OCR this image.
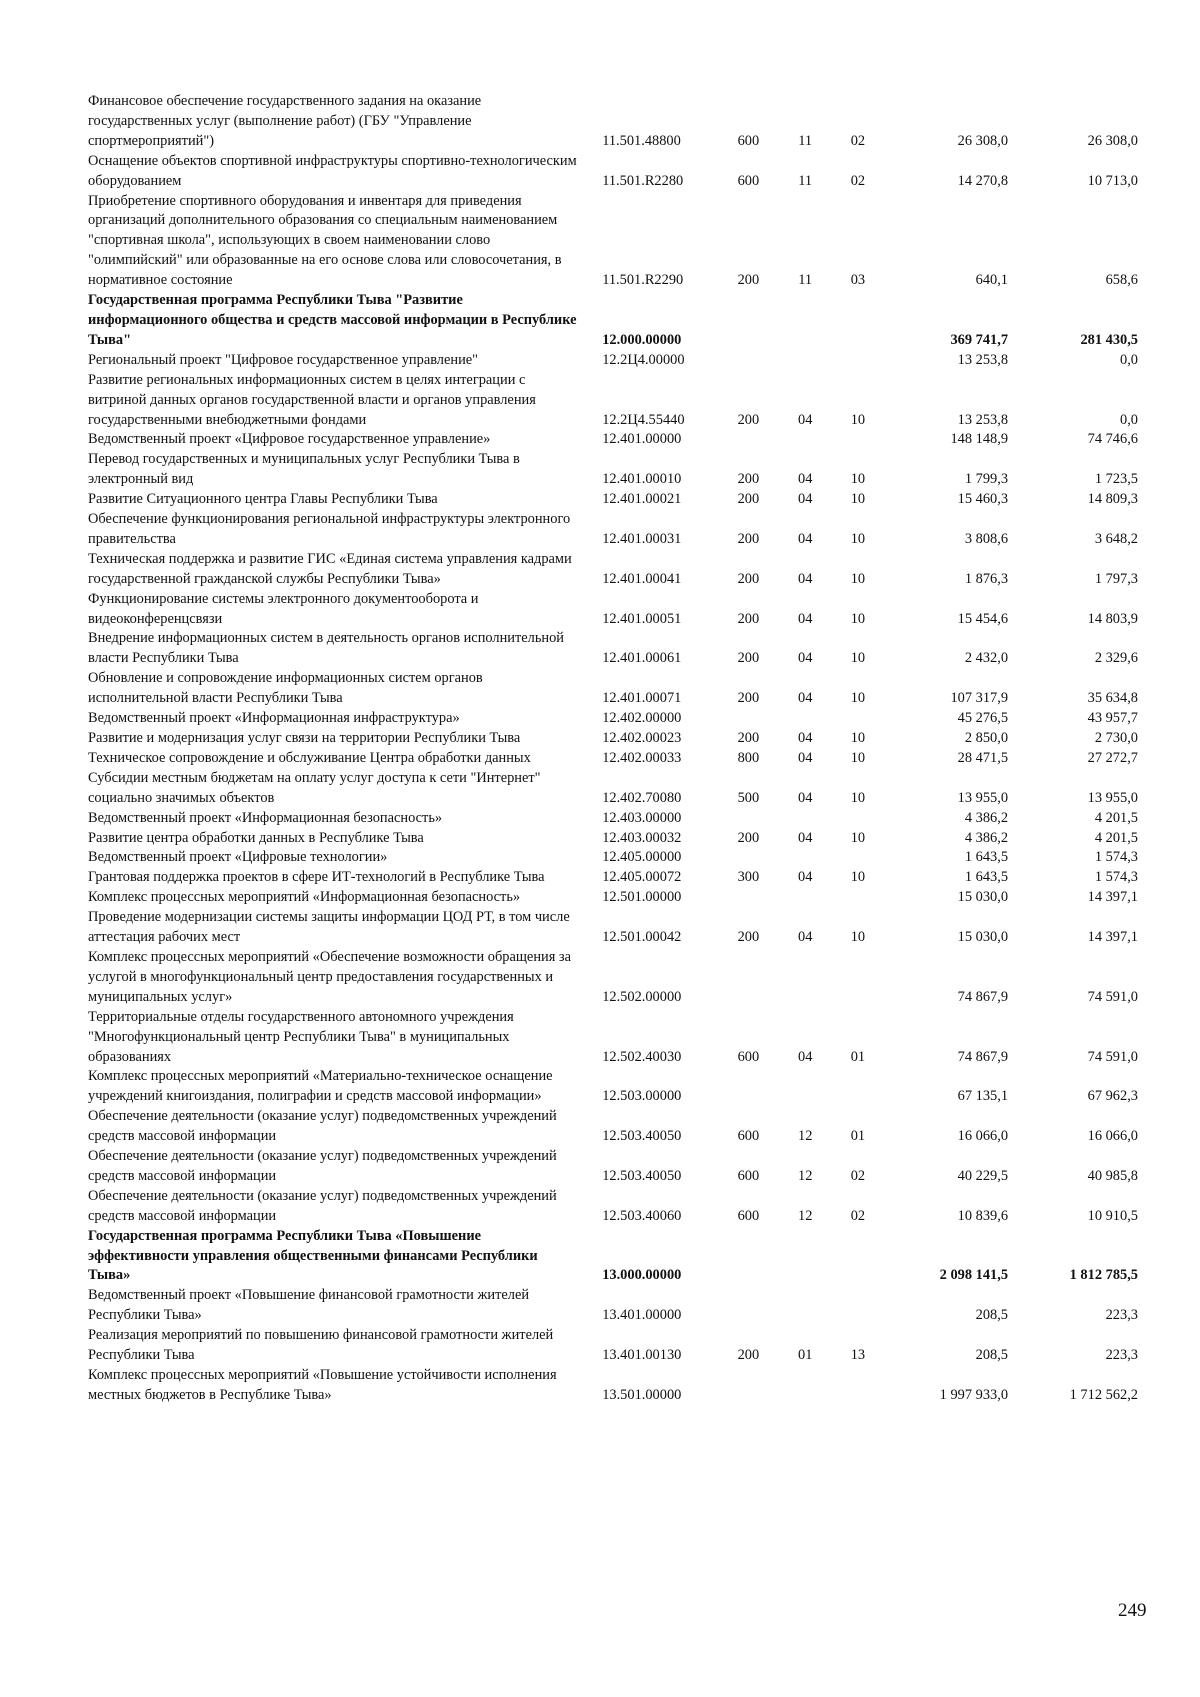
Финансовое обеспечение государственного задания на оказание государственных услуг (выполнение работ) (ГБУ "Управление спортмероприятий")	11.501.48800	600	11	02	26 308,0	26 308,0
Оснащение объектов спортивной инфраструктуры спортивно-технологическим оборудованием	11.501.R2280	600	11	02	14 270,8	10 713,0
Приобретение спортивного оборудования и инвентаря для приведения организаций дополнительного образования со специальным наименованием "спортивная школа", использующих в своем наименовании слово "олимпийский" или образованные на его основе слова или словосочетания, в нормативное состояние	11.501.R2290	200	11	03	640,1	658,6
Государственная программа Республики Тыва "Развитие информационного общества и средств массовой информации в Республике Тыва"	12.000.00000				369 741,7	281 430,5
Региональный проект "Цифровое государственное управление"	12.2Ц4.00000				13 253,8	0,0
Развитие региональных информационных систем в целях интеграции с витриной данных органов государственной власти и органов управления государственными внебюджетными фондами	12.2Ц4.55440	200	04	10	13 253,8	0,0
Ведомственный проект «Цифровое государственное управление»	12.401.00000				148 148,9	74 746,6
Перевод государственных и муниципальных услуг Республики Тыва в электронный вид	12.401.00010	200	04	10	1 799,3	1 723,5
Развитие Ситуационного центра Главы Республики Тыва	12.401.00021	200	04	10	15 460,3	14 809,3
Обеспечение функционирования региональной инфраструктуры электронного правительства	12.401.00031	200	04	10	3 808,6	3 648,2
Техническая поддержка и развитие ГИС «Единая система управления кадрами государственной гражданской службы Республики Тыва»	12.401.00041	200	04	10	1 876,3	1 797,3
Функционирование системы электронного документооборота и видеоконференцсвязи	12.401.00051	200	04	10	15 454,6	14 803,9
Внедрение информационных систем в деятельность органов исполнительной власти Республики Тыва	12.401.00061	200	04	10	2 432,0	2 329,6
Обновление и сопровождение информационных систем органов исполнительной власти Республики Тыва	12.401.00071	200	04	10	107 317,9	35 634,8
Ведомственный проект «Информационная инфраструктура»	12.402.00000				45 276,5	43 957,7
Развитие и модернизация услуг связи на территории Республики Тыва	12.402.00023	200	04	10	2 850,0	2 730,0
Техническое сопровождение и обслуживание Центра обработки данных	12.402.00033	800	04	10	28 471,5	27 272,7
Субсидии местным бюджетам на оплату услуг доступа к сети "Интернет" социально значимых объектов	12.402.70080	500	04	10	13 955,0	13 955,0
Ведомственный проект «Информационная безопасность»	12.403.00000				4 386,2	4 201,5
Развитие центра обработки данных в Республике Тыва	12.403.00032	200	04	10	4 386,2	4 201,5
Ведомственный проект «Цифровые технологии»	12.405.00000				1 643,5	1 574,3
Грантовая поддержка проектов в сфере ИТ-технологий в Республике Тыва	12.405.00072	300	04	10	1 643,5	1 574,3
Комплекс процессных мероприятий «Информационная безопасность»	12.501.00000				15 030,0	14 397,1
Проведение модернизации системы защиты информации ЦОД РТ, в том числе аттестация рабочих мест	12.501.00042	200	04	10	15 030,0	14 397,1
Комплекс процессных мероприятий «Обеспечение возможности обращения за услугой в многофункциональный центр предоставления государственных и муниципальных услуг»	12.502.00000				74 867,9	74 591,0
Территориальные отделы государственного автономного учреждения "Многофункциональный центр Республики Тыва" в муниципальных образованиях	12.502.40030	600	04	01	74 867,9	74 591,0
Комплекс процессных мероприятий «Материально-техническое оснащение учреждений книгоиздания, полиграфии и средств массовой информации»	12.503.00000				67 135,1	67 962,3
Обеспечение деятельности (оказание услуг) подведомственных учреждений средств массовой информации	12.503.40050	600	12	01	16 066,0	16 066,0
Обеспечение деятельности (оказание услуг) подведомственных учреждений средств массовой информации	12.503.40050	600	12	02	40 229,5	40 985,8
Обеспечение деятельности (оказание услуг) подведомственных учреждений средств массовой информации	12.503.40060	600	12	02	10 839,6	10 910,5
Государственная программа Республики Тыва «Повышение эффективности управления общественными финансами Республики Тыва»	13.000.00000				2 098 141,5	1 812 785,5
Ведомственный проект «Повышение финансовой грамотности жителей Республики Тыва»	13.401.00000				208,5	223,3
Реализация мероприятий по повышению финансовой грамотности жителей Республики Тыва	13.401.00130	200	01	13	208,5	223,3
Комплекс процессных мероприятий «Повышение устойчивости исполнения местных бюджетов в Республике Тыва»	13.501.00000				1 997 933,0	1 712 562,2
249
